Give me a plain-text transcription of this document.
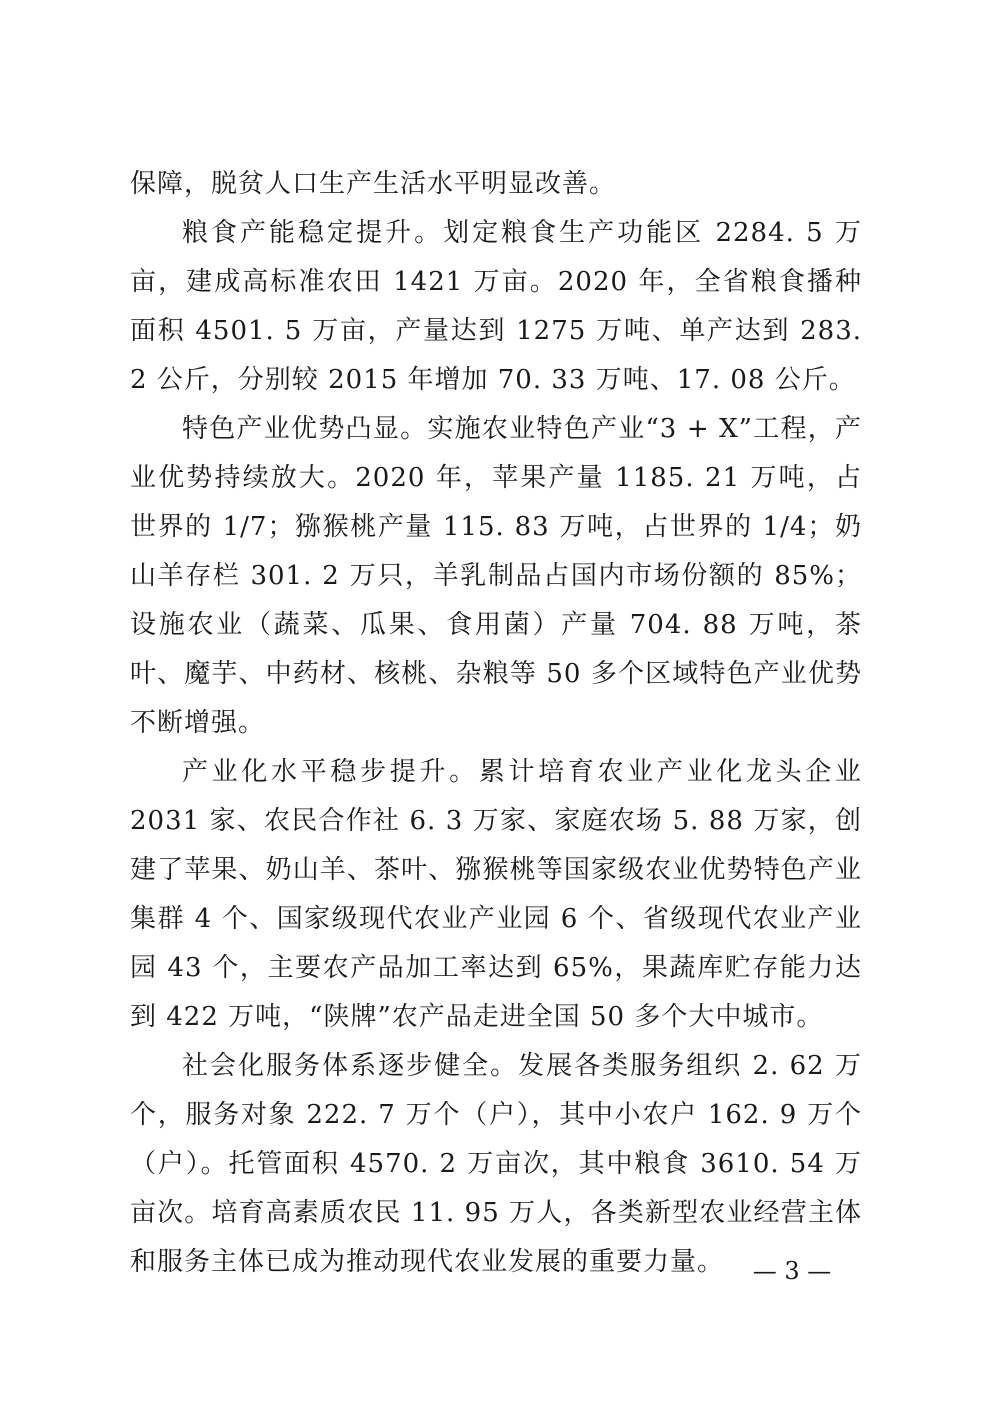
保障，脱贫人口生产生活水平明显改善。

粮食产能稳定提升。划定粮食生产功能区 2284. 5 万亩，建成高标准农田 1421 万亩。2020 年，全省粮食播种面积 4501. 5 万亩，产量达到 1275 万吨、单产达到 283. 2 公斤，分别较 2015 年增加 70. 33 万吨、17. 08 公斤。

特色产业优势凸显。实施农业特色产业“3 + X”工程，产业优势持续放大。2020 年，苹果产量 1185. 21 万吨，占世界的 1/7；猕猴桃产量 115. 83 万吨，占世界的 1/4；奶山羊存栏 301. 2 万只，羊乳制品占国内市场份额的 85%；设施农业（蔬菜、瓜果、食用菌）产量 704. 88 万吨，茶叶、魔芋、中药材、核桃、杂粮等 50 多个区域特色产业优势不断增强。

产业化水平稳步提升。累计培育农业产业化龙头企业 2031 家、农民合作社 6. 3 万家、家庭农场 5. 88 万家，创建了苹果、奶山羊、茶叶、猕猴桃等国家级农业优势特色产业集群 4 个、国家级现代农业产业园 6 个、省级现代农业产业园 43 个，主要农产品加工率达到 65%，果蔬库贮存能力达到 422 万吨，“陕牌”农产品走进全国 50 多个大中城市。

社会化服务体系逐步健全。发展各类服务组织 2. 62 万个，服务对象 222. 7 万个（户），其中小农户 162. 9 万个（户）。托管面积 4570. 2 万亩次，其中粮食 3610. 54 万亩次。培育高素质农民 11. 95 万人，各类新型农业经营主体和服务主体已成为推动现代农业发展的重要力量。	— 3 —
